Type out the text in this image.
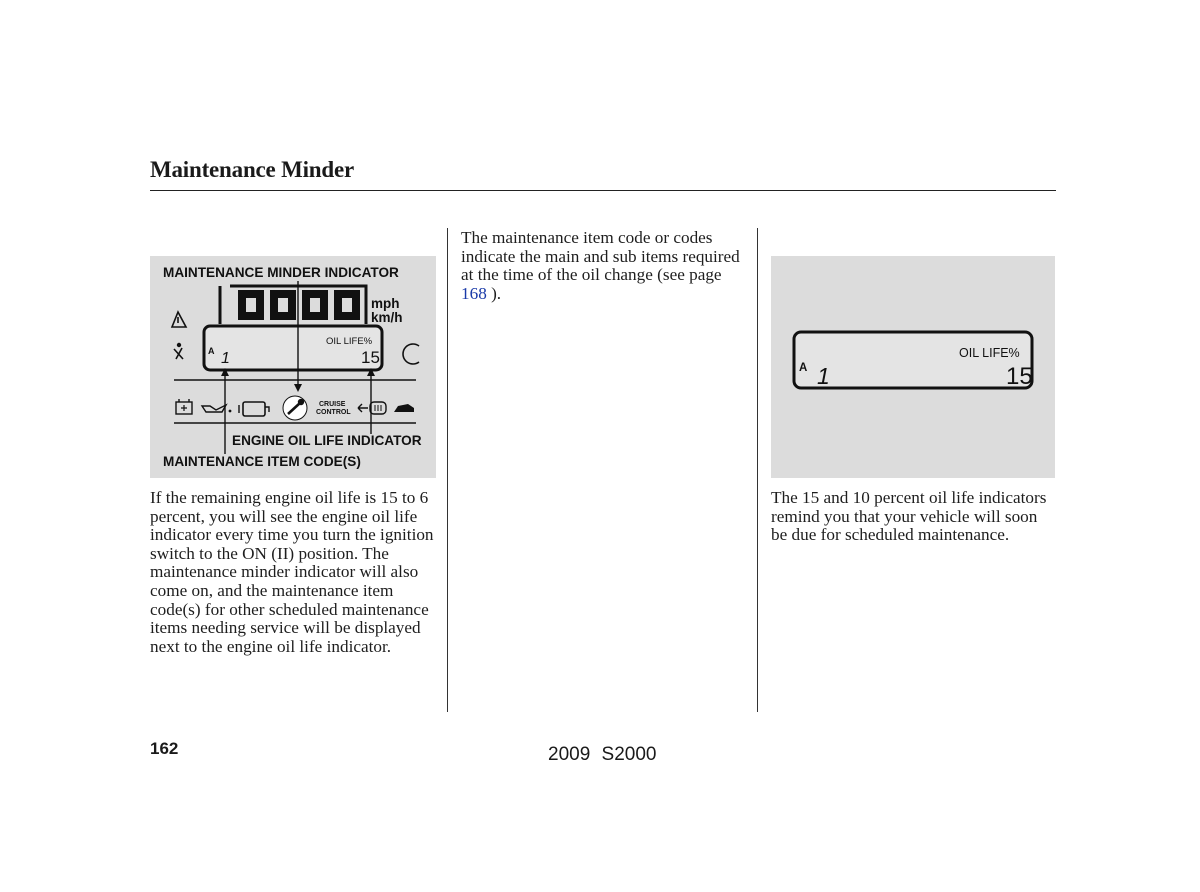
Maintenance Minder
MAINTENANCE MINDER INDICATOR
mph
km/h
OIL LIFE%
A 1	15
CRUISE
CONTROL
ENGINE OIL LIFE INDICATOR
MAINTENANCE ITEM CODE(S)
OIL LIFE%
A 1	15

If the remaining engine oil life is 15 to 6 percent, you will see the engine oil life indicator every time you turn the ignition switch to the ON (II) position. The maintenance minder indicator will also come on, and the maintenance item code(s) for other scheduled maintenance items needing service will be displayed next to the engine oil life indicator.

The maintenance item code or codes indicate the main and sub items required at the time of the oil change (see page 168 ).

The 15 and 10 percent oil life indicators remind you that your vehicle will soon be due for scheduled maintenance.

162	2009 S2000
